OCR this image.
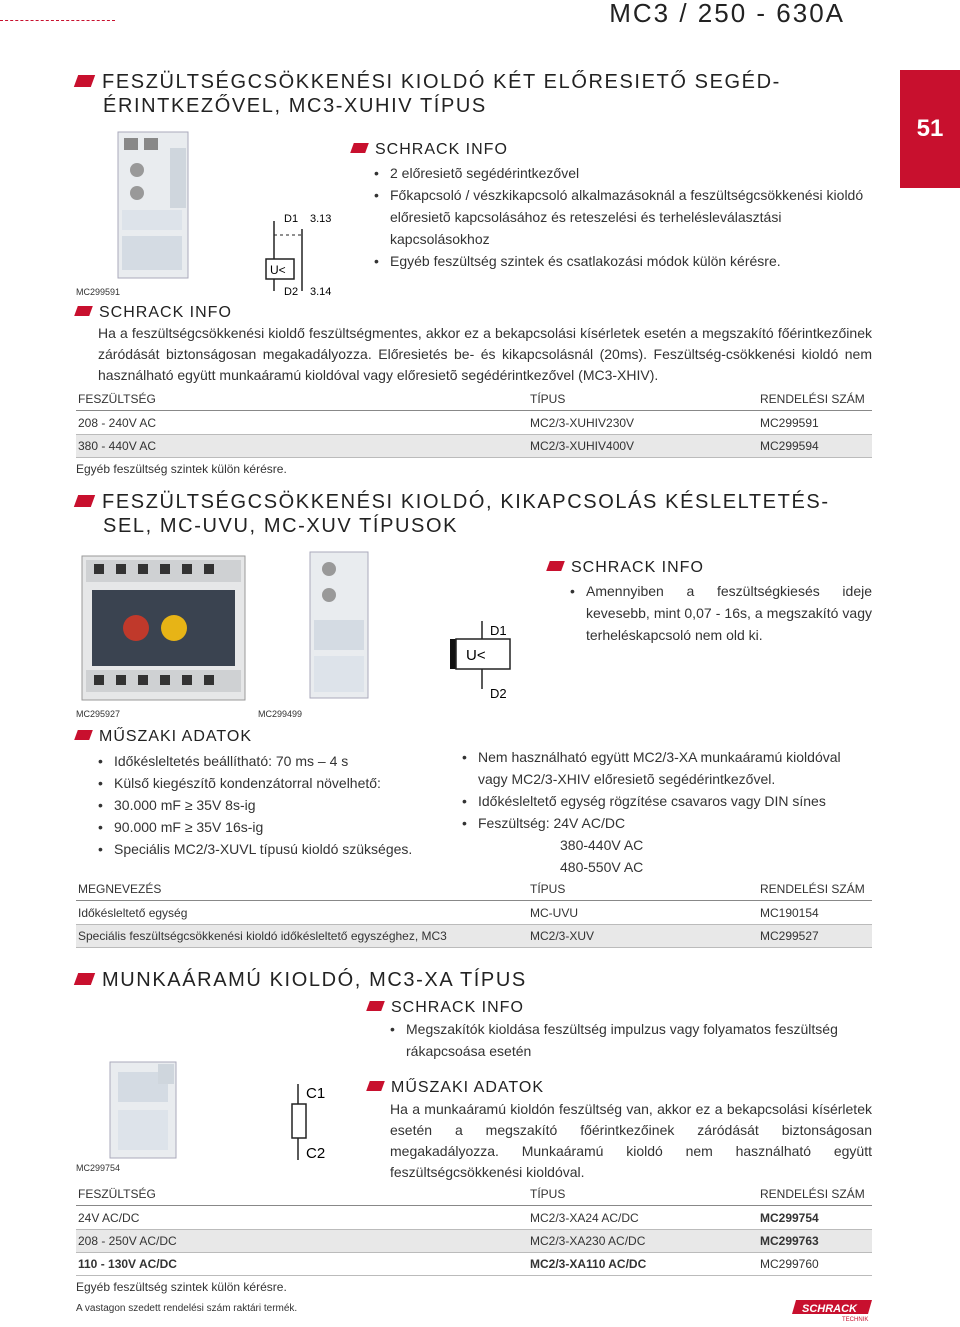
MC3 / 250 - 630A
51
FESZÜLTSÉGCSÖKKENÉSI KIOLDÓ KÉT ELŐRESIETŐ SEGÉD-
ÉRINTKEZŐVEL, MC3-XUHIV TÍPUS
MC299591
D1 3.13
U<
D2 3.14
SCHRACK INFO
• 2 előresietõ segédérintkezővel
• Főkapcsoló / vészkikapcsoló alkalmazásoknál a feszültségcsökkenési kioldó előresietõ kapcsolásához és reteszelési és terhelésleválasztási kapcsolásokhoz
• Egyéb feszültség szintek és csatlakozási módok külön kérésre.
SCHRACK INFO
Ha a feszültségcsökkenési kioldő feszültségmentes, akkor ez a bekapcsolási kísérletek esetén a megszakító főérintkezőinek záródását biztonságosan megakadályozza. Előresietés be- és kikapcsolásnál (20ms). Feszültség-csökkenési kioldó nem használható együtt munkaáramú kioldóval vagy előresietõ segédérintkezővel (MC3-XHIV).
FESZÜLTSÉG	TÍPUS	RENDELÉSI SZÁM
208 - 240V AC	MC2/3-XUHIV230V	MC299591
380 - 440V AC	MC2/3-XUHIV400V	MC299594
Egyéb feszültség szintek külön kérésre.
FESZÜLTSÉGCSÖKKENÉSI KIOLDÓ, KIKAPCSOLÁS KÉSLELTETÉS-
SEL, MC-UVU, MC-XUV TÍPUSOK
MC295927	MC299499
D1
U<
D2
SCHRACK INFO
• Amennyiben a feszültségkiesés ideje kevesebb, mint 0,07 - 16s, a megszakító vagy terheléskapcsoló nem old ki.
MŰSZAKI ADATOK
• Időkésleltetés beállítható: 70 ms – 4 s
• Külső kiegészítõ kondenzátorral növelhető:
• 30.000 mF ≥ 35V 8s-ig
• 90.000 mF ≥ 35V 16s-ig
• Speciális MC2/3-XUVL típusú kioldó szükséges.
• Nem használható együtt MC2/3-XA munkaáramú kioldóval vagy MC2/3-XHIV előresietõ segédérintkezővel.
• Időkésleltető egység rögzítése csavaros vagy DIN sínes
• Feszültség: 24V AC/DC
380-440V AC
480-550V AC
MEGNEVEZÉS	TÍPUS	RENDELÉSI SZÁM
Időkésleltető egység	MC-UVU	MC190154
Speciális feszültségcsökkenési kioldó időkésleltető egyszéghez, MC3	MC2/3-XUV	MC299527
MUNKAÁRAMÚ KIOLDÓ, MC3-XA TÍPUS
MC299754
C1
C2
SCHRACK INFO
• Megszakítók kioldása feszültség impulzus vagy folyamatos feszültség rákapcsoása esetén
MŰSZAKI ADATOK
Ha a munkaáramú kioldón feszültség van, akkor ez a bekapcsolási kísérletek esetén a megszakító főérintkezőinek záródását biztonságosan megakadályozza. Munkaáramú kioldó nem használható együtt feszültségcsökkenési kioldóval.
FESZÜLTSÉG	TÍPUS	RENDELÉSI SZÁM
24V AC/DC	MC2/3-XA24 AC/DC	MC299754
208 - 250V AC/DC	MC2/3-XA230 AC/DC	MC299763
110 - 130V AC/DC	MC2/3-XA110 AC/DC	MC299760
Egyéb feszültség szintek külön kérésre.
A vastagon szedett rendelési szám raktári termék.	SCHRACK
TECHNIK
